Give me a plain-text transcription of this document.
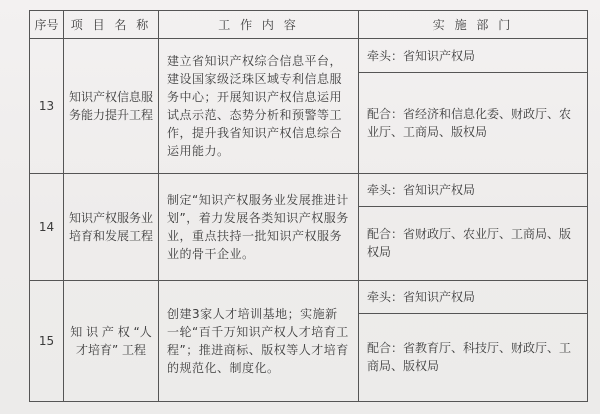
序号	项 目 名 称	工 作 内 容	实 施 部 门
13	知识产权信息服务能力提升工程	建立省知识产权综合信息平台，建设国家级泛珠区域专利信息服务中心；开展知识产权信息运用试点示范、态势分析和预警等工作，提升我省知识产权信息综合运用能力。	牵头：省知识产权局
			配合：省经济和信息化委、财政厅、农业厅、工商局、版权局
14	知识产权服务业培育和发展工程	制定“知识产权服务业发展推进计划”，着力发展各类知识产权服务业，重点扶持一批知识产权服务业的骨干企业。	牵头：省知识产权局
			配合：省财政厅、农业厅、工商局、版权局
15	知 识 产 权 “人才培育” 工程	创建3家人才培训基地；实施新一轮“百千万知识产权人才培育工程”；推进商标、版权等人才培育的规范化、制度化。	牵头：省知识产权局
			配合：省教育厅、科技厅、财政厅、工商局、版权局
